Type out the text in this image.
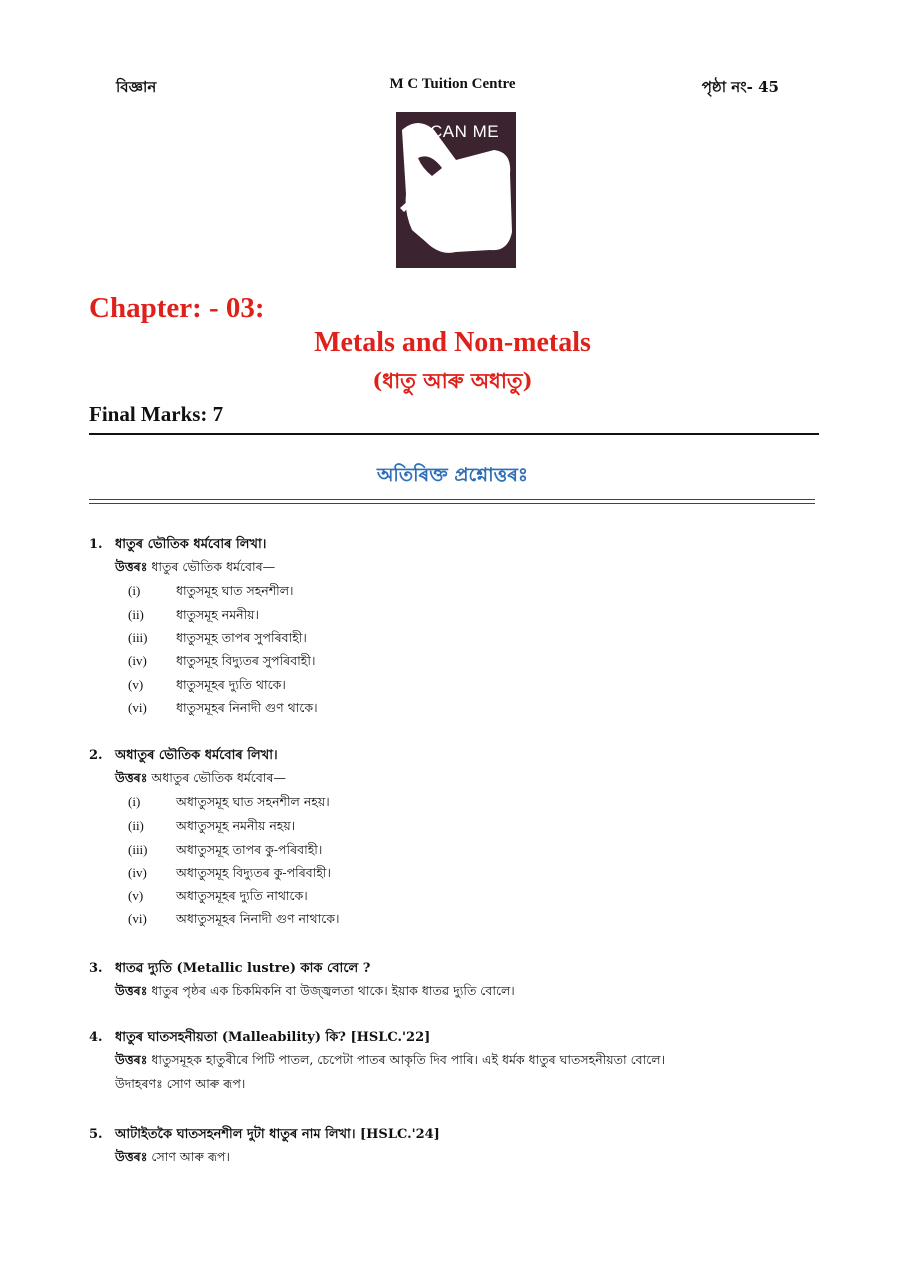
বিজ্ঞান	M C Tuition Centre	পৃষ্ঠা নং- 45
CAN ME
Chapter: - 03:
Metals and Non-metals
(ধাতু আৰু অধাতু)
Final Marks: 7
অতিৰিক্ত প্ৰশ্নোত্তৰঃ
1. ধাতুৰ ভৌতিক ধৰ্মবোৰ লিখা।
উত্তৰঃ ধাতুৰ ভৌতিক ধৰ্মবোৰ—
(i)	ধাতুসমূহ ঘাত সহনশীল।
(ii)	ধাতুসমূহ নমনীয়।
(iii) ধাতুসমূহ তাপৰ সুপৰিবাহী।
(iv) ধাতুসমূহ বিদ্যুতৰ সুপৰিবাহী।
(v)	ধাতুসমূহৰ দ্যুতি থাকে।
(vi) ধাতুসমূহৰ নিনাদী গুণ থাকে।
2. অধাতুৰ ভৌতিক ধৰ্মবোৰ লিখা।
উত্তৰঃ অধাতুৰ ভৌতিক ধৰ্মবোৰ—
(i)	অধাতুসমূহ ঘাত সহনশীল নহয়।
(ii)	অধাতুসমূহ নমনীয় নহয়।
(iii) অধাতুসমূহ তাপৰ কু-পৰিবাহী।
(iv) অধাতুসমূহ বিদ্যুতৰ কু-পৰিবাহী।
(v)	অধাতুসমূহৰ দ্যুতি নাথাকে।
(vi) অধাতুসমূহৰ নিনাদী গুণ নাথাকে।
3. ধাতৱ দ্যুতি (Metallic lustre) কাক বোলে ?
উত্তৰঃ ধাতুৰ পৃষ্ঠৰ এক চিকমিকনি বা উজ্জ্বলতা থাকে। ইয়াক ধাতৱ দ্যুতি বোলে।
4. ধাতুৰ ঘাতসহনীয়তা (Malleability) কি? [HSLC.'22]
উত্তৰঃ ধাতুসমূহক হাতুৰীৰে পিটি পাতল, চেপেটা পাতৰ আকৃতি দিব পাৰি। এই ধৰ্মক ধাতুৰ ঘাতসহনীয়তা বোলে।
উদাহৰণঃ সোণ আৰু ৰূপ।
5. আটাইতকৈ ঘাতসহনশীল দুটা ধাতুৰ নাম লিখা। [HSLC.'24]
উত্তৰঃ সোণ আৰু ৰূপ।
